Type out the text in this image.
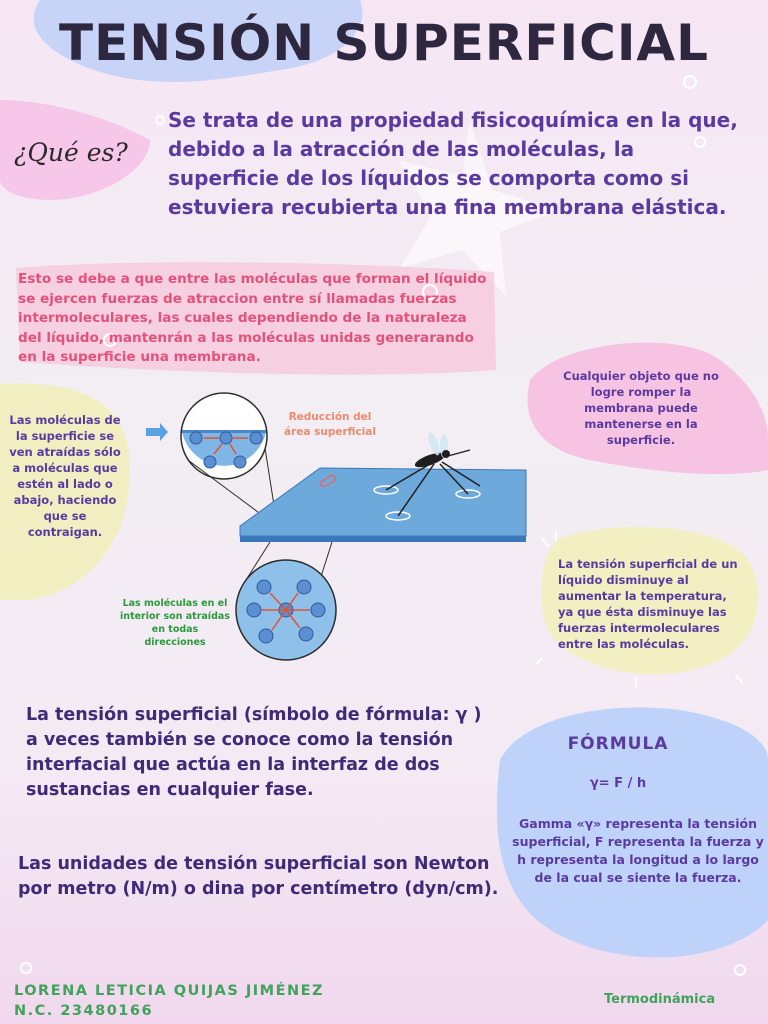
TENSIÓN SUPERFICIAL
¿Qué es?
Se trata de una propiedad fisicoquímica en la que, debido a la atracción de las moléculas, la superficie de los líquidos se comporta como si estuviera recubierta una fina membrana elástica.
Esto se debe a que entre las moléculas que forman el líquido se ejercen fuerzas de atraccion entre sí llamadas fuerzas intermoleculares, las cuales dependiendo de la naturaleza del líquido, mantenrán a las moléculas unidas generarando en la superficie una membrana.
Las moléculas de la superficie se ven atraídas sólo a moléculas que estén al lado o abajo, haciendo que se contraigan.
Reducción del área superficial
Las moléculas en el interior son atraídas en todas direcciones
Cualquier objeto que no logre romper la membrana puede mantenerse en la superficie.
La tensión superficial de un líquido disminuye al aumentar la temperatura, ya que ésta disminuye las fuerzas intermoleculares entre las moléculas.
La tensión superficial (símbolo de fórmula: γ ) a veces también se conoce como la tensión interfacial que actúa en la interfaz de dos sustancias en cualquier fase.
Las unidades de tensión superficial son Newton por metro (N/m) o dina por centímetro (dyn/cm).
FÓRMULA
γ= F / h
Gamma «γ» representa la tensión superficial, F representa la fuerza y h representa la longitud a lo largo de la cual se siente la fuerza.
LORENA LETICIA QUIJAS JIMÉNEZ
N.C. 23480166
Termodinámica
